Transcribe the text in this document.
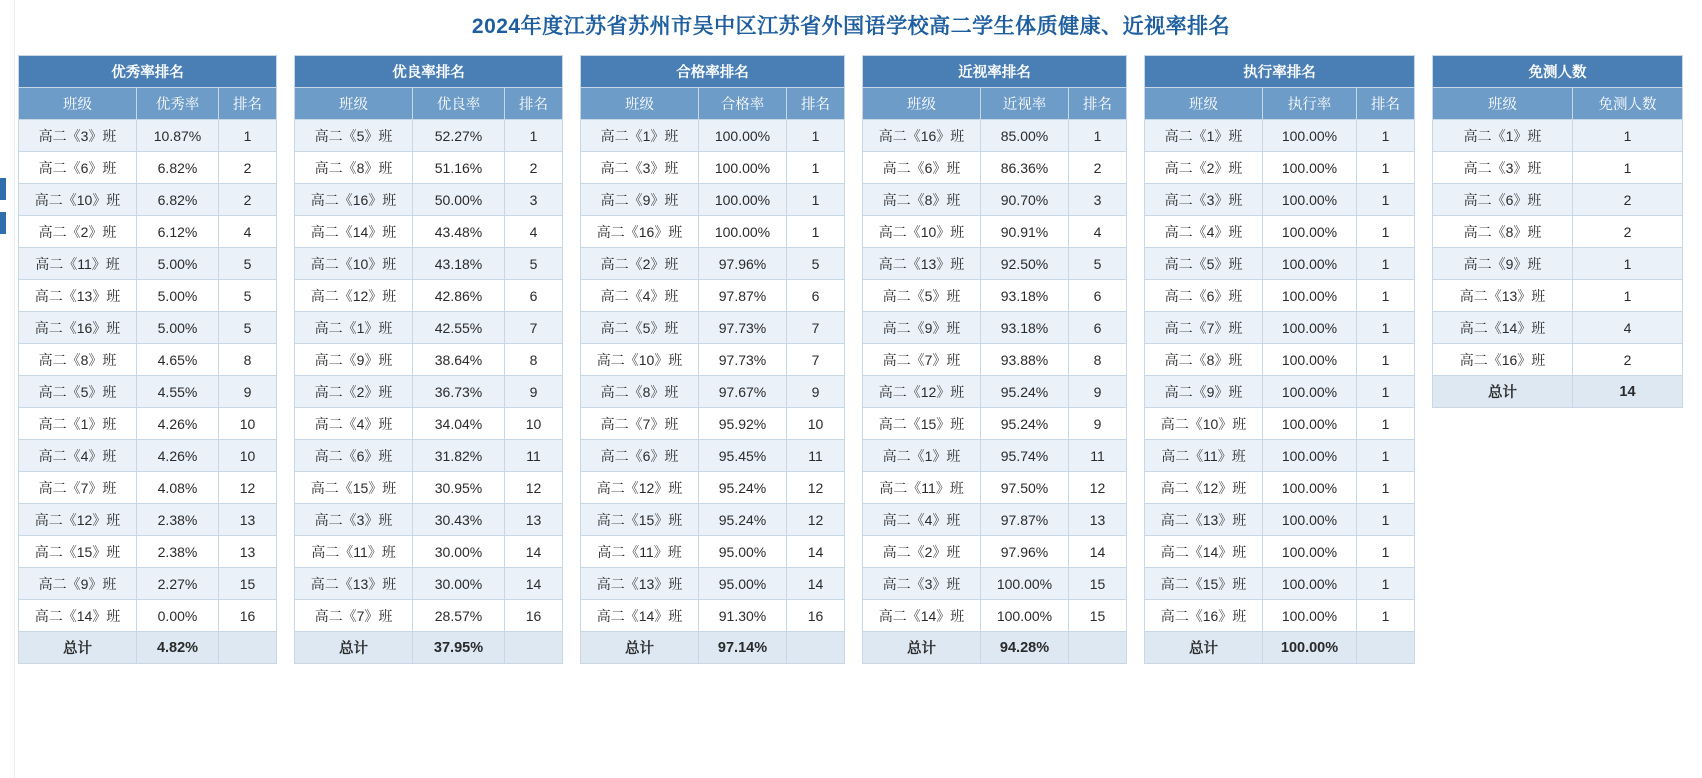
2024年度江苏省苏州市吴中区江苏省外国语学校高二学生体质健康、近视率排名
优秀率排名		
班级	优秀率	排名
高二《3》班	10.87%	1
高二《6》班	6.82%	2
高二《10》班	6.82%	2
高二《2》班	6.12%	4
高二《11》班	5.00%	5
高二《13》班	5.00%	5
高二《16》班	5.00%	5
高二《8》班	4.65%	8
高二《5》班	4.55%	9
高二《1》班	4.26%	10
高二《4》班	4.26%	10
高二《7》班	4.08%	12
高二《12》班	2.38%	13
高二《15》班	2.38%	13
高二《9》班	2.27%	15
高二《14》班	0.00%	16
总计	4.82%	
优良率排名		
班级	优良率	排名
高二《5》班	52.27%	1
高二《8》班	51.16%	2
高二《16》班	50.00%	3
高二《14》班	43.48%	4
高二《10》班	43.18%	5
高二《12》班	42.86%	6
高二《1》班	42.55%	7
高二《9》班	38.64%	8
高二《2》班	36.73%	9
高二《4》班	34.04%	10
高二《6》班	31.82%	11
高二《15》班	30.95%	12
高二《3》班	30.43%	13
高二《11》班	30.00%	14
高二《13》班	30.00%	14
高二《7》班	28.57%	16
总计	37.95%	
合格率排名		
班级	合格率	排名
高二《1》班	100.00%	1
高二《3》班	100.00%	1
高二《9》班	100.00%	1
高二《16》班	100.00%	1
高二《2》班	97.96%	5
高二《4》班	97.87%	6
高二《5》班	97.73%	7
高二《10》班	97.73%	7
高二《8》班	97.67%	9
高二《7》班	95.92%	10
高二《6》班	95.45%	11
高二《12》班	95.24%	12
高二《15》班	95.24%	12
高二《11》班	95.00%	14
高二《13》班	95.00%	14
高二《14》班	91.30%	16
总计	97.14%	
近视率排名		
班级	近视率	排名
高二《16》班	85.00%	1
高二《6》班	86.36%	2
高二《8》班	90.70%	3
高二《10》班	90.91%	4
高二《13》班	92.50%	5
高二《5》班	93.18%	6
高二《9》班	93.18%	6
高二《7》班	93.88%	8
高二《12》班	95.24%	9
高二《15》班	95.24%	9
高二《1》班	95.74%	11
高二《11》班	97.50%	12
高二《4》班	97.87%	13
高二《2》班	97.96%	14
高二《3》班	100.00%	15
高二《14》班	100.00%	15
总计	94.28%	
执行率排名		
班级	执行率	排名
高二《1》班	100.00%	1
高二《2》班	100.00%	1
高二《3》班	100.00%	1
高二《4》班	100.00%	1
高二《5》班	100.00%	1
高二《6》班	100.00%	1
高二《7》班	100.00%	1
高二《8》班	100.00%	1
高二《9》班	100.00%	1
高二《10》班	100.00%	1
高二《11》班	100.00%	1
高二《12》班	100.00%	1
高二《13》班	100.00%	1
高二《14》班	100.00%	1
高二《15》班	100.00%	1
高二《16》班	100.00%	1
总计	100.00%	
免测人数	
班级	免测人数
高二《1》班	1
高二《3》班	1
高二《6》班	2
高二《8》班	2
高二《9》班	1
高二《13》班	1
高二《14》班	4
高二《16》班	2
总计	14
